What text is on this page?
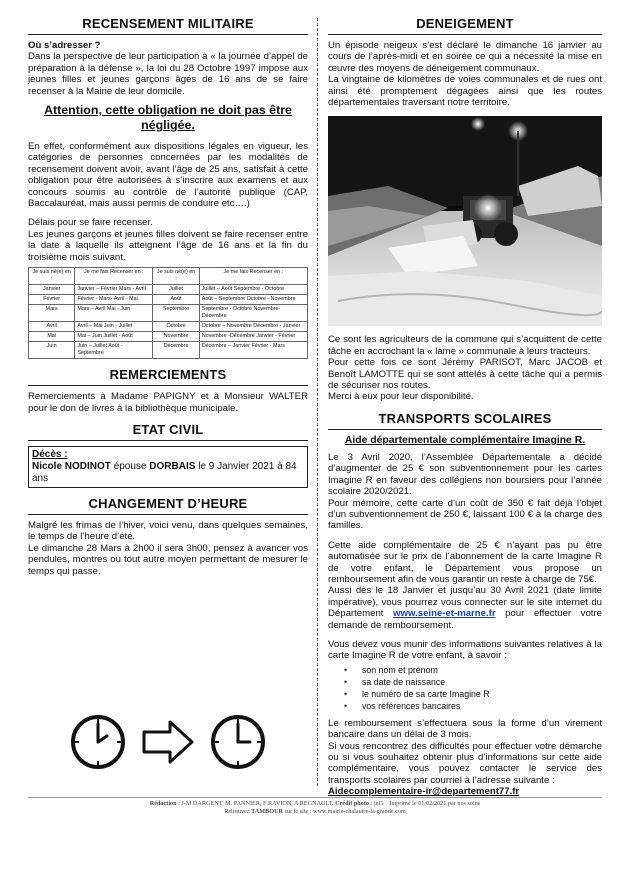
RECENSEMENT MILITAIRE

Où s’adresser ?

Dans la perspective de leur participation à « la journée d’appel de préparation à la défense », la loi du 28 Octobre 1997 impose aux jeunes filles et jeunes garçons âgés de 16 ans de se faire recenser à la Mairie de leur domicile.

Attention, cette obligation ne doit pas être négligée.

En effet, conformément aux dispositions légales en vigueur, les catégories de personnes concernées par les modalités de recensement doivent avoir, avant l’âge de 25 ans, satisfait à cette obligation pour être autorisées à s’inscrire aux examens et aux concours soumis au contrôle de l’autorité publique (CAP, Baccalauréat, mais aussi permis de conduire etc….)

Délais pour se faire recenser.

Les jeunes garçons et jeunes filles doivent se faire recenser entre la date à laquelle ils atteignent l’âge de 16 ans et la fin du troisième mois suivant.

Je suis né(e) en :	Je me fais Recenser en :	Je suis né(e) en :	Je me fais Recenser en :
Janvier	Janvier – Février Mars - Avril	Juillet	Juillet – Août Septembre - Octobre
Février	Février - Mars- Avril - Mai	Août	Août – Septembre Octobre - Novembre
Mars	Mars – Avril Mai - Juin	Septembre	Septembre - Octobre Novembre-Décembre
Avril	Avril – Mai Juin - Juillet	Octobre	Octobre – Novembre Décembre - Janvier
Mai	Mai – Juin Juillet - Août	Novembre	Novembre -Décembre Janvier - Février
Juin	Juin – Juillet Août - Septembre	Décembre	Décembre – Janvier Février - Mars
REMERCIEMENTS

Remerciements à Madame PAPIGNY et à Monsieur WALTER pour le don de livres à la bibliothèque municipale.

ETAT CIVIL
Décès :
Nicole NODINOT épouse DORBAIS le 9 Janvier 2021 à 84 ans
CHANGEMENT D’HEURE

Malgré les frimas de l’hiver, voici venu, dans quelques semaines, le temps de l’heure d’été.

Le dimanche 28 Mars à 2h00 il sera 3h00, pensez à avancer vos pendules, montres ou tout autre moyen permettant de mesurer le temps qui passe.

DENEIGEMENT

Un épisode neigeux s’est déclaré le dimanche 16 janvier au cours de l’après-midi et en soirée ce qui a nécessité la mise en œuvre des moyens de déneigement communaux.

La vingtaine de kilomètres de voies communales et de rues ont ainsi été promptement dégagées ainsi que les routes départementales traversant notre territoire.

Ce sont les agriculteurs de la commune qui s’acquittent de cette tâche en accrochant la « lame » communale à leurs tracteurs.

Pour cette fois ce sont Jérémy PARISOT, Marc JACOB et Benoît LAMOTTE qui se sont attelés à cette tâche qui a permis de sécuriser nos routes.

Merci à eux pour leur disponibilité.

TRANSPORTS SCOLAIRES
Aide départementale complémentaire Imagine R.

Le 3 Avril 2020, l’Assemblée Départementale a décidé d’augmenter de 25 € son subventionnement pour les cartes Imagine R en faveur des collégiens non boursiers pour l’année scolaire 2020/2021.

Pour mémoire, cette carte d’un coût de 350 € fait déjà l’objet d’un subventionnement de 250 €, laissant 100 € à la charge des familles.

Cette aide complémentaire de 25 € n’ayant pas pu être automatisée sur le prix de l’abonnement de la carte Imagine R de votre enfant, le Département vous propose un remboursement afin de vous garantir un reste à charge de 75€.

Aussi dès le 18 Janvier et jusqu’au 30 Avril 2021 (date limite impérative), vous pourrez vous connecter sur le site internet du Département www.seine-et-marne.fr pour effectuer votre demande de remboursement.

Vous devez vous munir des informations suivantes relatives à la carte Imagine R de votre enfant, à savoir :

• son nom et prénom
• sa date de naissance
• le numéro de sa carte Imagine R
• vos références bancaires

Le remboursement s’effectuera sous la forme d’un virement bancaire dans un délai de 3 mois.

Si vous rencontrez des difficultés pour effectuer votre démarche ou si vous souhaitez obtenir plus d’informations sur cette aide complémentaire, vous pouvez contacter le service des transports scolaires par courriel à l’adresse suivante :

Aidecomplementaire-ir@departement77.fr

Rédaction : J-M DARGENT, M. PANNIER, F RAVION, A REGNAULT. Crédit photo : jnG Imprimé le 01/02/2021 par nos soins
Retrouvez TAMBOUR sur le site : www.mairie-chalautre-la-grande.com
